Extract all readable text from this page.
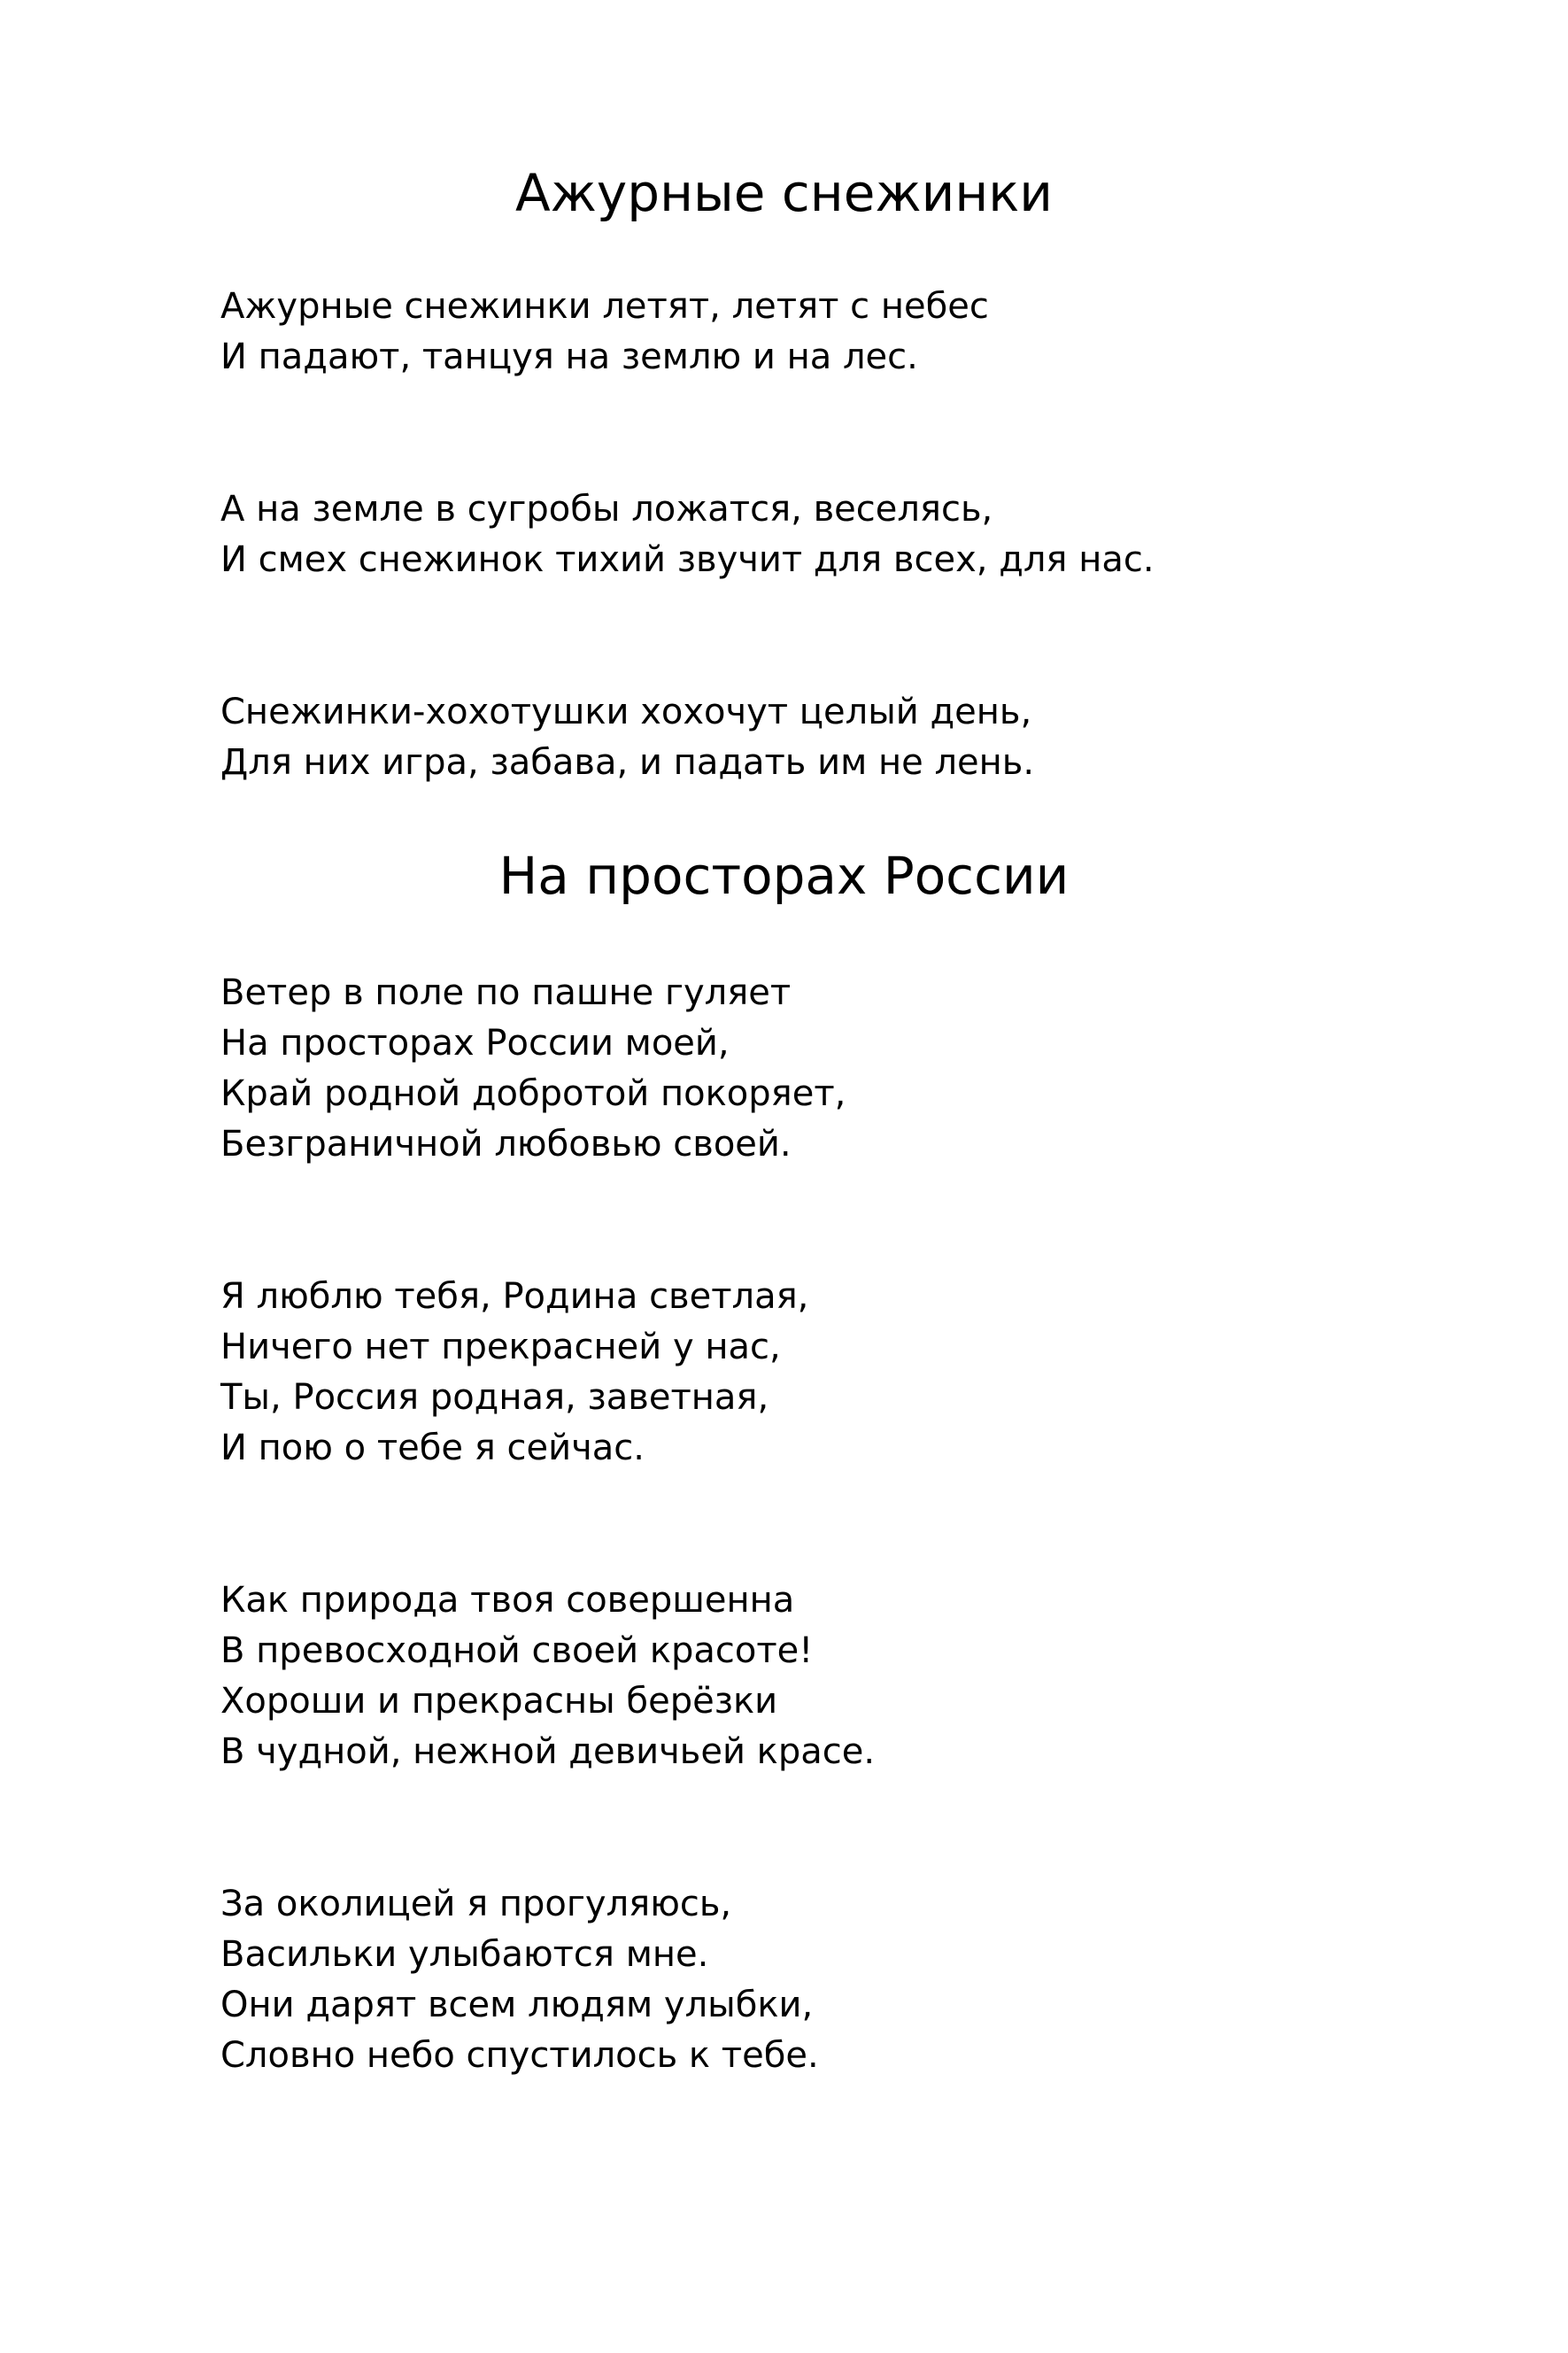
Ажурные снежинки
Ажурные снежинки летят, летят с небес
И падают, танцуя на землю и на лес.
А на земле в сугробы ложатся, веселясь,
И смех снежинок тихий звучит для всех, для нас.
Снежинки-хохотушки хохочут целый день,
Для них игра, забава, и падать им не лень.
На просторах России
Ветер в поле по пашне гуляет
На просторах России моей,
Край родной добротой покоряет,
Безграничной любовью своей.
Я люблю тебя, Родина светлая,
Ничего нет прекрасней у нас,
Ты, Россия родная, заветная,
И пою о тебе я сейчас.
Как природа твоя совершенна
В превосходной своей красоте!
Хороши и прекрасны берёзки
В чудной, нежной девичьей красе.
За околицей я прогуляюсь,
Васильки улыбаются мне.
Они дарят всем людям улыбки,
Словно небо спустилось к тебе.
